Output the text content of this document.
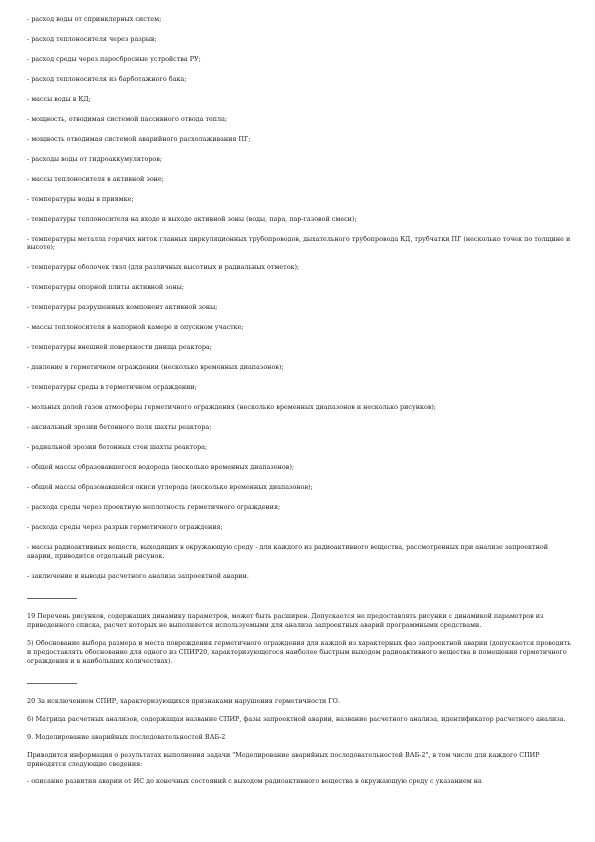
- расход воды от спринклерных систем;
- расход теплоносителя через разрыв;
- расход среды через паросбросные устройства РУ;
- расход теплоносителя из барботажного бака;
- массы воды в КД;
- мощность, отводимая системой пассивного отвода тепла;
- мощность отводимая системой аварийного расхолаживания ПГ;
- расходы воды от гидроаккумуляторов;
- массы теплоносителя в активной зоне;
- температуры воды в приямке;
- температуры теплоносителя на входе и выходе активной зоны (воды, пара, пар-газовой смеси);
- температуры металла горячих ниток главных циркуляционных трубопроводов, дыхательного трубопровода КД, трубчатки ПГ (несколько точек по толщине и высоте);
- температуры оболочек твэл (для различных высотных и радиальных отметок);
- температуры опорной плиты активной зоны;
- температуры разрушенных компонент активной зоны;
- массы теплоносителя в напорной камере и опускном участке;
- температуры внешней поверхности днища реактора;
- давление в герметичном ограждении (несколько временных диапазонов);
- температуры среды в герметичном ограждении;
- мольных долей газов атмосферы герметичного ограждения (несколько временных диапазонов и несколько рисунков);
- аксиальный эрозии бетонного поля шахты реактора;
- радиальной эрозии бетонных стен шахты реактора;
- общей массы образовавшегося водорода (несколько временных диапазонов);
- общей массы образовавшейся окиси углерода (несколько временных диапазонов);
- расхода среды через проектную неплотность герметичного ограждения;
- расхода среды через разрыв герметичного ограждения;
- массы радиоактивных веществ, выходящих в окружающую среду - для каждого из радиоактивного вещества, рассмотренных при анализе запроектной аварии, приводится отдельный рисунок.
- заключение и выводы расчетного анализа запроектной аварии.
19 Перечень рисунков, содержащих динамику параметров, может быть расширен. Допускается не предоставлять рисунки с динамикой параметров из приведенного списка, расчет которых не выполняется используемыми для анализа запроектных аварий программными средствами.
5) Обоснование выбора размера и места повреждения герметичного ограждения для каждой из характерных фаз запроектной аварии (допускается проводить и предоставлять обоснование для одного из СПИР20, характеризующегося наиболее быстрым выходом радиоактивного вещества в помещения герметичного ограждения и в наибольших количествах).
20 За исключением СПИР, характеризующихся признаками нарушения герметичности ГО.
6) Матрица расчетных анализов, содержащая название СПИР, фазы запроектной аварии, название расчетного анализа, идентификатор расчетного анализа.
9. Моделирование аварийных последовательностей ВАБ-2
Приводится информация о результатах выполнения задачи "Моделирование аварийных последовательностей ВАБ-2", в том числе для каждого СПИР приводятся следующие сведения:
- описание развития аварии от ИС до конечных состояний с выходом радиоактивного вещества в окружающую среду с указанием на
